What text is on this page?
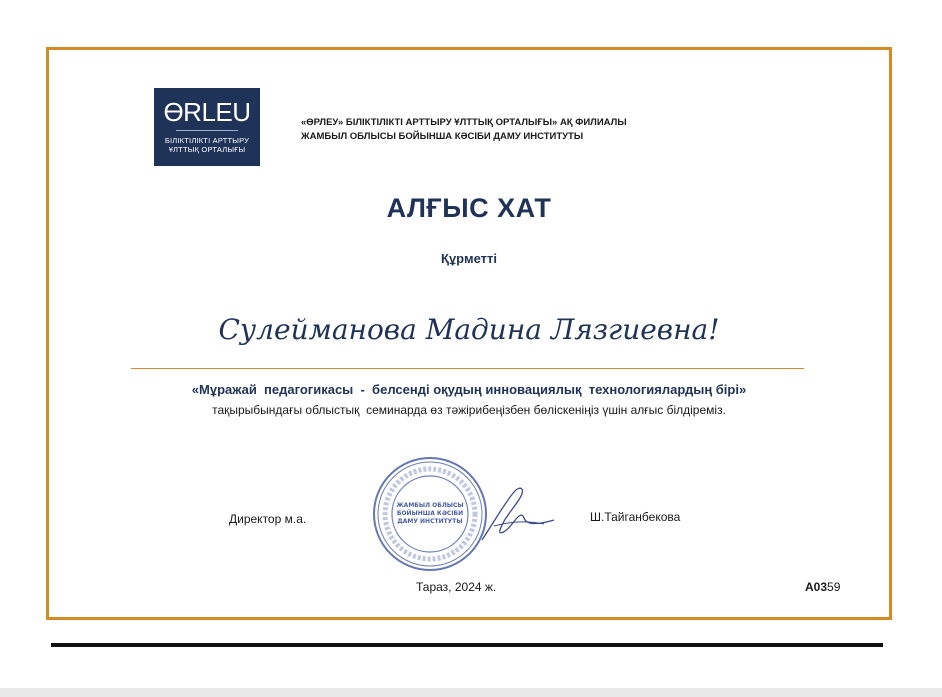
ƟRLEU
БІЛІКТІЛІКТІ АРТТЫРУ
ҰЛТТЫҚ ОРТАЛЫҒЫ
«ӨРЛЕУ» БІЛІКТІЛІКТІ АРТТЫРУ ҰЛТТЫҚ ОРТАЛЫҒЫ» АҚ ФИЛИАЛЫ
ЖАМБЫЛ ОБЛЫСЫ БОЙЫНША КӘСІБИ ДАМУ ИНСТИТУТЫ
АЛҒЫС ХАТ
Құрметті
Сулейманова Мадина Лязгиевна!
«Мұражай  педагогикасы  -  белсенді оқудың инновациялық  технологиялардың бірі»
тақырыбындағы облыстық  семинарда өз тәжірибеңізбен бөліскеніңіз үшін алғыс білдіреміз.
Директор м.а.
ЖАМБЫЛ ОБЛЫСЫ
БОЙЫНША КӘСІБИ
ДАМУ ИНСТИТУТЫ	Ш.Тайганбекова
Тараз, 2024 ж.	A0359
